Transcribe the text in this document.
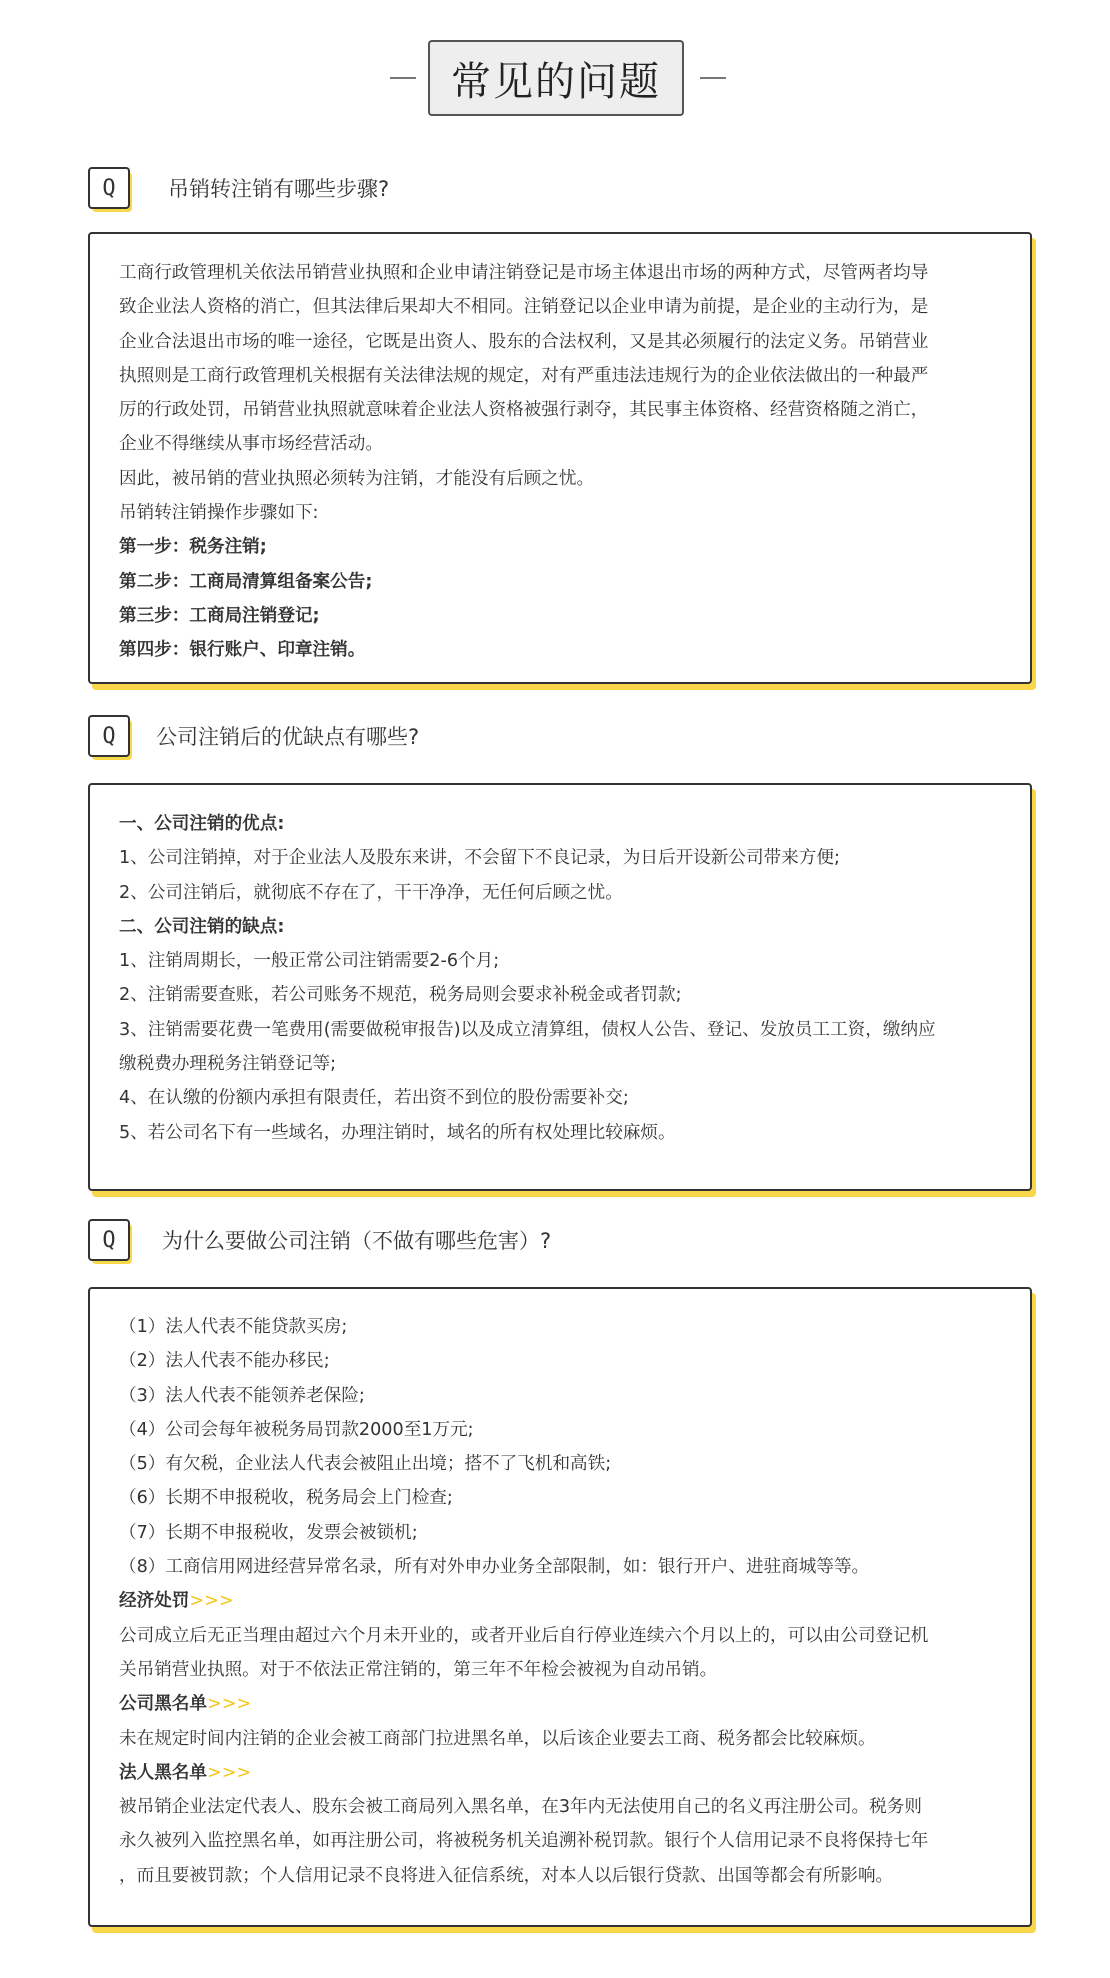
常见的问题
Q	吊销转注销有哪些步骤?

工商行政管理机关依法吊销营业执照和企业申请注销登记是市场主体退出市场的两种方式，尽管两者均导

致企业法人资格的消亡，但其法律后果却大不相同。注销登记以企业申请为前提，是企业的主动行为，是

企业合法退出市场的唯一途径，它既是出资人、股东的合法权利，又是其必须履行的法定义务。吊销营业

执照则是工商行政管理机关根据有关法律法规的规定，对有严重违法违规行为的企业依法做出的一种最严

厉的行政处罚，吊销营业执照就意味着企业法人资格被强行剥夺，其民事主体资格、经营资格随之消亡，

企业不得继续从事市场经营活动。

因此，被吊销的营业执照必须转为注销，才能没有后顾之忧。

吊销转注销操作步骤如下:

第一步：税务注销;

第二步：工商局清算组备案公告;

第三步：工商局注销登记;

第四步：银行账户、印章注销。

Q	公司注销后的优缺点有哪些?

一、公司注销的优点:

1、公司注销掉，对于企业法人及股东来讲，不会留下不良记录，为日后开设新公司带来方便;

2、公司注销后，就彻底不存在了，干干净净，无任何后顾之忧。

二、公司注销的缺点:

1、注销周期长，一般正常公司注销需要2-6个月;

2、注销需要查账，若公司账务不规范，税务局则会要求补税金或者罚款;

3、注销需要花费一笔费用(需要做税审报告)以及成立清算组，债权人公告、登记、发放员工工资，缴纳应

缴税费办理税务注销登记等;

4、在认缴的份额内承担有限责任，若出资不到位的股份需要补交;

5、若公司名下有一些域名，办理注销时，域名的所有权处理比较麻烦。

Q	为什么要做公司注销（不做有哪些危害）?

（1）法人代表不能贷款买房;

（2）法人代表不能办移民;

（3）法人代表不能领养老保险;

（4）公司会每年被税务局罚款2000至1万元;

（5）有欠税，企业法人代表会被阻止出境；搭不了飞机和高铁;

（6）长期不申报税收，税务局会上门检查;

（7）长期不申报税收，发票会被锁机;

（8）工商信用网进经营异常名录，所有对外申办业务全部限制，如：银行开户、进驻商城等等。

经济处罚>>>

公司成立后无正当理由超过六个月未开业的，或者开业后自行停业连续六个月以上的，可以由公司登记机

关吊销营业执照。对于不依法正常注销的，第三年不年检会被视为自动吊销。

公司黑名单>>>

未在规定时间内注销的企业会被工商部门拉进黑名单，以后该企业要去工商、税务都会比较麻烦。

法人黑名单>>>

被吊销企业法定代表人、股东会被工商局列入黑名单，在3年内无法使用自己的名义再注册公司。税务则

永久被列入监控黑名单，如再注册公司，将被税务机关追溯补税罚款。银行个人信用记录不良将保持七年

，而且要被罚款；个人信用记录不良将进入征信系统，对本人以后银行贷款、出国等都会有所影响。
